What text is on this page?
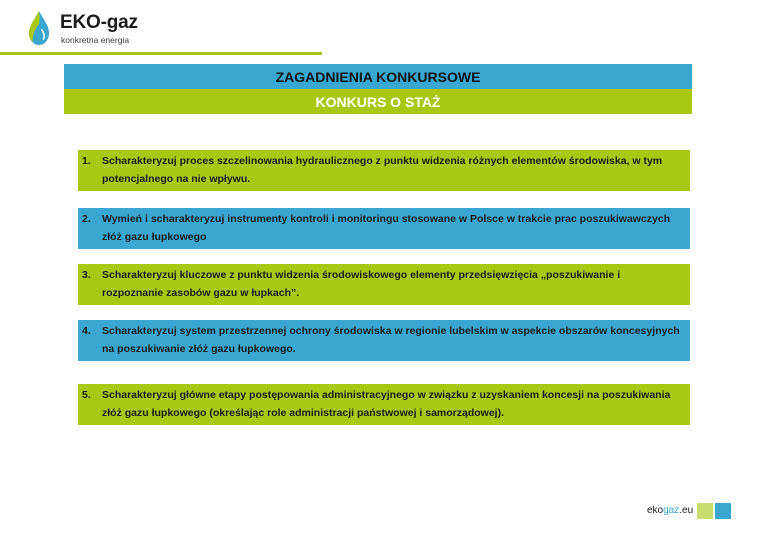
EKO-gaz
konkretna energia
ZAGADNIENIA KONKURSOWE
KONKURS O STAŻ
1. Scharakteryzuj proces szczelinowania hydraulicznego z punktu widzenia różnych elementów środowiska, w tym potencjalnego na nie wpływu.
2. Wymień i scharakteryzuj instrumenty kontroli i monitoringu stosowane w Polsce w trakcie prac poszukiwawczych złóż gazu łupkowego
3. Scharakteryzuj kluczowe z punktu widzenia środowiskowego elementy przedsięwzięcia „poszukiwanie i rozpoznanie zasobów gazu w łupkach”.
4. Scharakteryzuj system przestrzennej ochrony środowiska w regionie lubelskim w aspekcie obszarów koncesyjnych na poszukiwanie złóż gazu łupkowego.
5. Scharakteryzuj główne etapy postępowania administracyjnego w związku z uzyskaniem koncesji na poszukiwania złóż gazu łupkowego (określając role administracji państwowej i samorządowej).
ekogaz.eu
